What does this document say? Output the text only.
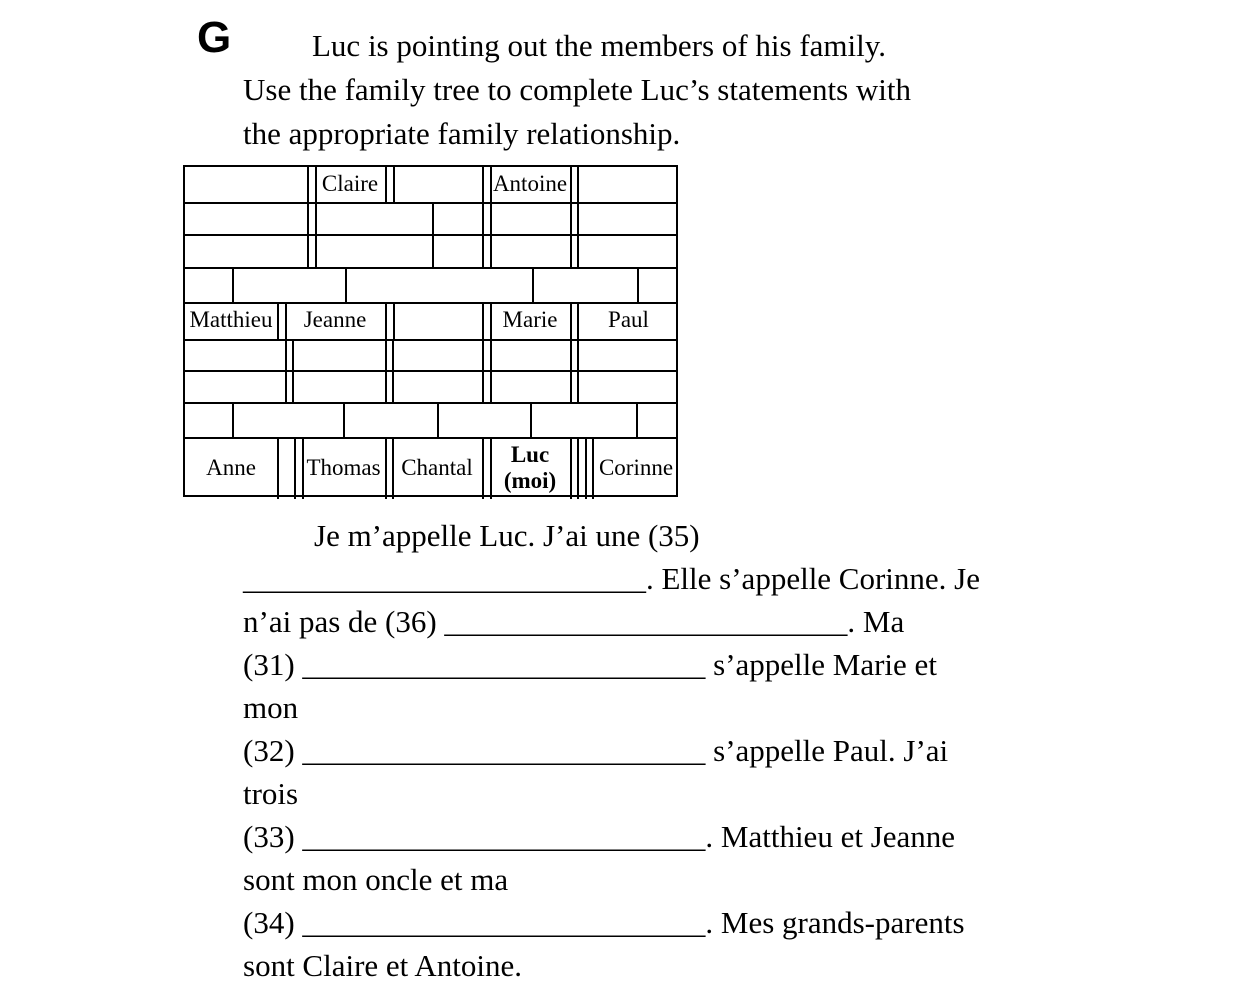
G	Luc is pointing out the members of his family.
Use the family tree to complete Luc’s statements with
the appropriate family relationship.
Claire	Antoine
Matthieu	Jeanne	Marie	Paul
Anne	Thomas Chantal
Luc
(moi)
Corinne
Je m’appelle Luc. J’ai une (35)
__________________________. Elle s’appelle Corinne. Je
n’ai pas de (36) __________________________. Ma
(31) __________________________ s’appelle Marie et
mon
(32) __________________________ s’appelle Paul. J’ai
trois
(33) __________________________. Matthieu et Jeanne
sont mon oncle et ma
(34) __________________________. Mes grands-parents
sont Claire et Antoine.
